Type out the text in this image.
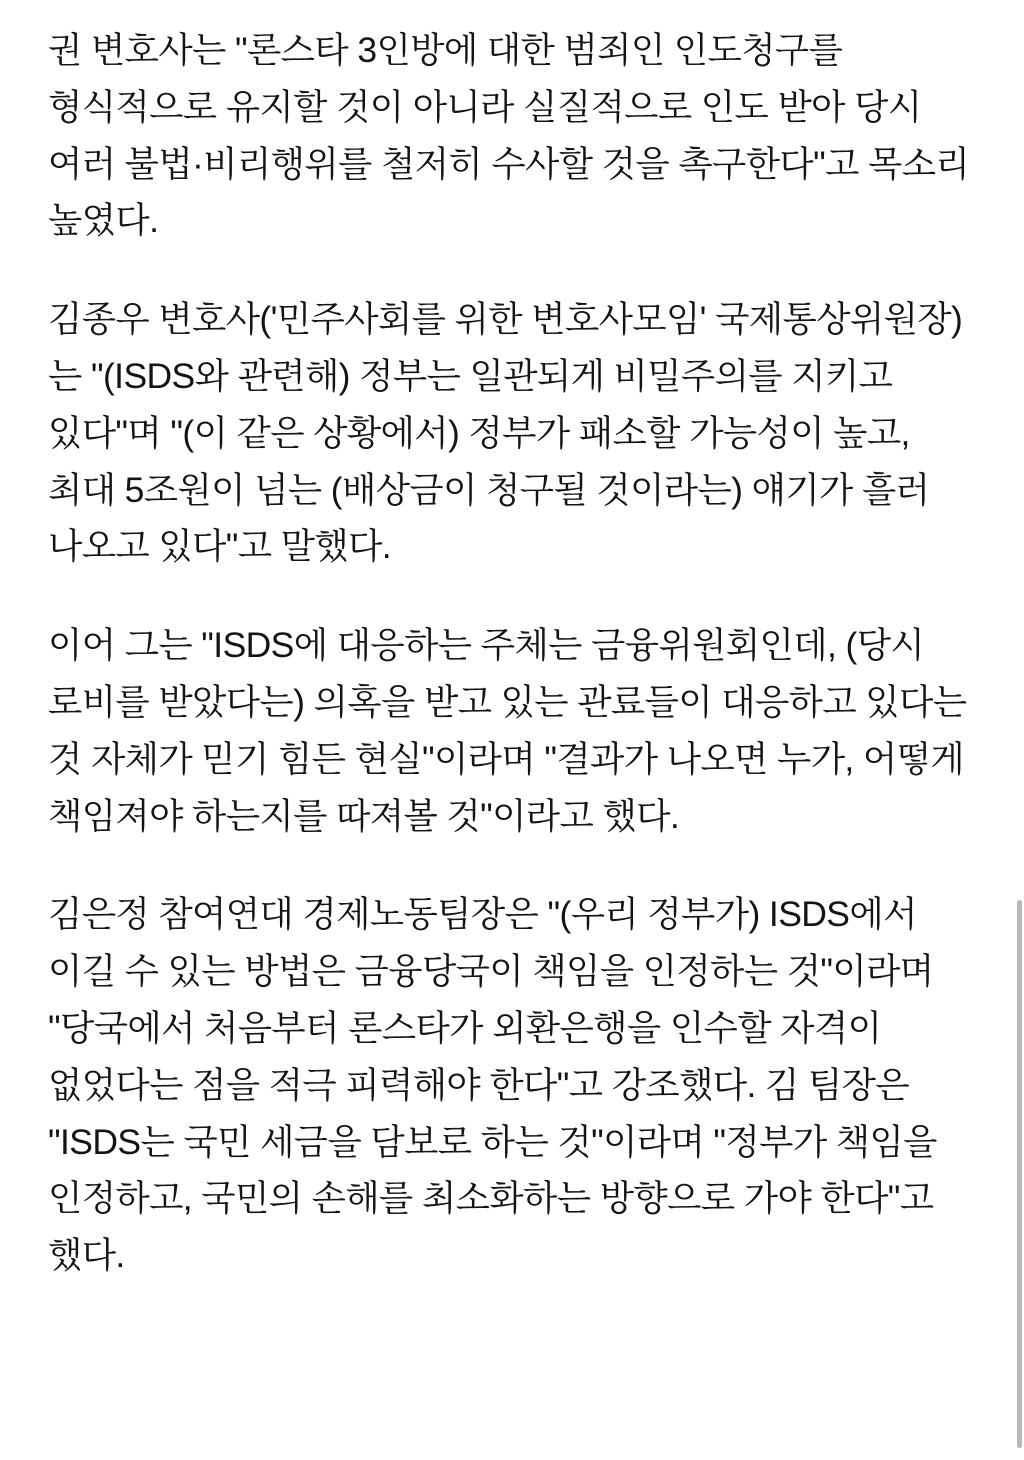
권 변호사는 "론스타 3인방에 대한 범죄인 인도청구를 형식적으로 유지할 것이 아니라 실질적으로 인도 받아 당시 여러 불법·비리행위를 철저히 수사할 것을 촉구한다"고 목소리 높였다.

김종우 변호사('민주사회를 위한 변호사모임' 국제통상위원장)는 "(ISDS와 관련해) 정부는 일관되게 비밀주의를 지키고 있다"며 "(이 같은 상황에서) 정부가 패소할 가능성이 높고, 최대 5조원이 넘는 (배상금이 청구될 것이라는) 얘기가 흘러 나오고 있다"고 말했다.

이어 그는 "ISDS에 대응하는 주체는 금융위원회인데, (당시 로비를 받았다는) 의혹을 받고 있는 관료들이 대응하고 있다는 것 자체가 믿기 힘든 현실"이라며 "결과가 나오면 누가, 어떻게 책임져야 하는지를 따져볼 것"이라고 했다.

김은정 참여연대 경제노동팀장은 "(우리 정부가) ISDS에서 이길 수 있는 방법은 금융당국이 책임을 인정하는 것"이라며 "당국에서 처음부터 론스타가 외환은행을 인수할 자격이 없었다는 점을 적극 피력해야 한다"고 강조했다. 김 팀장은 "ISDS는 국민 세금을 담보로 하는 것"이라며 "정부가 책임을 인정하고, 국민의 손해를 최소화하는 방향으로 가야 한다"고 했다.
